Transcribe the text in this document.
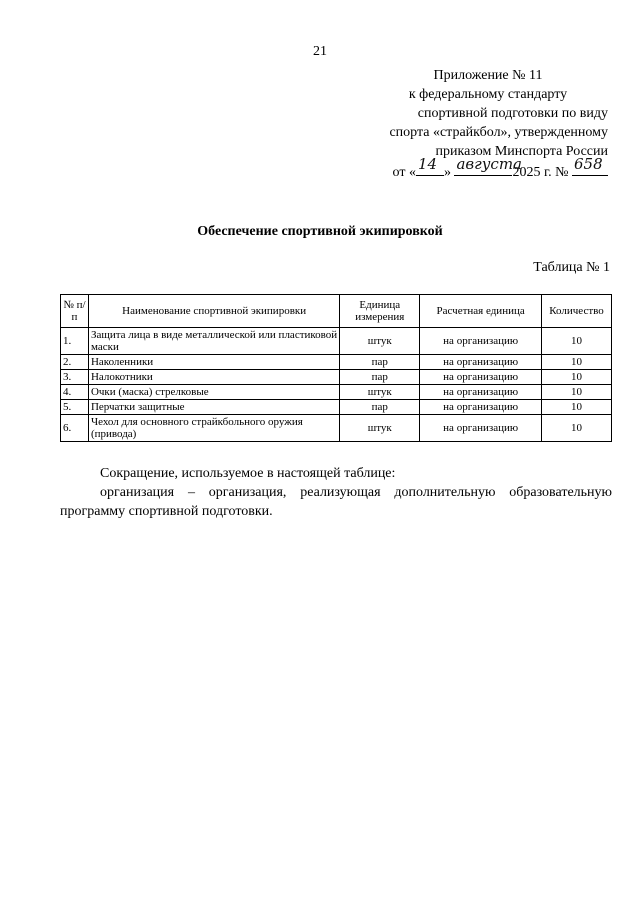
21
Приложение № 11
к федеральному стандарту
спортивной подготовки по виду
спорта «страйкбол», утвержденному
приказом Минспорта России
от « 14 » августа
2025 г. № 658
Обеспечение спортивной экипировкой
Таблица № 1
№ п/п	Наименование спортивной экипировки	Единица измерения	Расчетная единица	Количество
1.	Защита лица в виде металлической или пластиковой маски	штук	на организацию	10
2.	Наколенники	пар	на организацию	10
3.	Налокотники	пар	на организацию	10
4.	Очки (маска) стрелковые	штук	на организацию	10
5.	Перчатки защитные	пар	на организацию	10
6.	Чехол для основного страйкбольного оружия (привода)	штук	на организацию	10

Сокращение, используемое в настоящей таблице:

организация – организация, реализующая дополнительную образовательную программу спортивной подготовки.
